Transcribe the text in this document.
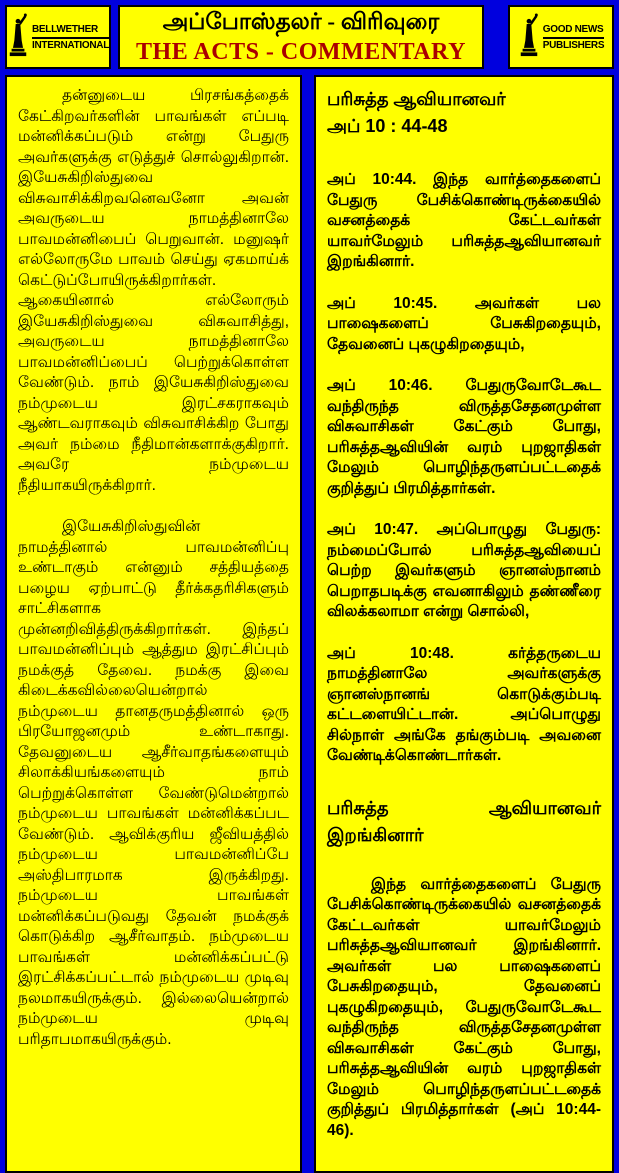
BELLWETHER
INTERNATIONAL
அப்போஸ்தலர் - விரிவுரை
THE ACTS - COMMENTARY
GOOD NEWS
PUBLISHERS

தன்னுடைய பிரசங்கத்தைக் கேட்கிறவர்களின் பாவங்கள் எப்படி மன்னிக்கப்படும் என்று பேதுரு அவர்களுக்கு எடுத்துச் சொல்லுகிறான். இயேசுகிறிஸ்துவை விசுவாசிக்கிறவனெவனோ அவன் அவருடைய நாமத்தினாலே பாவமன்னிபைப் பெறுவான். மனுஷர் எல்லோருமே பாவம் செய்து ஏகமாய்க் கெட்டுப்போயிருக்கிறார்கள். ஆகையினால் எல்லோரும் இயேசுகிறிஸ்துவை விசுவாசித்து, அவருடைய நாமத்தினாலே பாவமன்னிப்பைப் பெற்றுக்கொள்ள வேண்டும். நாம் இயேசுகிறிஸ்துவை நம்முடைய இரட்சகராகவும் ஆண்டவராகவும் விசுவாசிக்கிற போது அவர் நம்மை நீதிமான்களாக்குகிறார். அவரே நம்முடைய நீதியாகயிருக்கிறார்.

இயேசுகிறிஸ்துவின் நாமத்தினால் பாவமன்னிப்பு உண்டாகும் என்னும் சத்தியத்தை பழைய ஏற்பாட்டு தீர்க்கதரிசிகளும் சாட்சிகளாக முன்னறிவித்திருக்கிறார்கள். இந்தப் பாவமன்னிப்பும் ஆத்தும இரட்சிப்பும் நமக்குத் தேவை. நமக்கு இவை கிடைக்கவில்லையென்றால் நம்முடைய தானதருமத்தினால் ஒரு பிரயோஜனமும் உண்டாகாது. தேவனுடைய ஆசீர்வாதங்களையும் சிலாக்கியங்களையும் நாம் பெற்றுக்கொள்ள வேண்டுமென்றால் நம்முடைய பாவங்கள் மன்னிக்கப்பட வேண்டும். ஆவிக்குரிய ஜீவியத்தில் நம்முடைய பாவமன்னிப்பே அஸ்திபாரமாக இருக்கிறது. நம்முடைய பாவங்கள் மன்னிக்கப்படுவது தேவன் நமக்குக் கொடுக்கிற ஆசீர்வாதம். நம்முடைய பாவங்கள் மன்னிக்கப்பட்டு இரட்சிக்கப்பட்டால் நம்முடைய முடிவு நலமாகயிருக்கும். இல்லையென்றால் நம்முடைய முடிவு பரிதாபமாகயிருக்கும்.

பரிசுத்த ஆவியானவர்
அப் 10 : 44-48

அப் 10:44. இந்த வார்த்தைகளைப் பேதுரு பேசிக்கொண்டிருக்கையில் வசனத்தைக் கேட்டவர்கள் யாவர்மேலும் பரிசுத்தஆவியானவர் இறங்கினார்.

அப் 10:45. அவர்கள் பல பாஷைகளைப் பேசுகிறதையும், தேவனைப் புகழுகிறதையும்,

அப் 10:46. பேதுருவோடேகூட வந்திருந்த விருத்தசேதனமுள்ள விசுவாசிகள் கேட்கும் போது, பரிசுத்தஆவியின் வரம் புறஜாதிகள் மேலும் பொழிந்தருளப்பட்டதைக் குறித்துப் பிரமித்தார்கள்.

அப் 10:47. அப்பொழுது பேதுரு: நம்மைப்போல் பரிசுத்தஆவியைப் பெற்ற இவர்களும் ஞானஸ்நானம் பெறாதபடிக்கு எவனாகிலும் தண்ணீரை விலக்கலாமா என்று சொல்லி,

அப் 10:48. கர்த்தருடைய நாமத்தினாலே அவர்களுக்கு ஞானஸ்நானங் கொடுக்கும்படி கட்டளையிட்டான். அப்பொழுது சில்நாள் அங்கே தங்கும்படி அவனை வேண்டிக்கொண்டார்கள்.

பரிசுத்த ஆவியானவர் இறங்கினார்

இந்த வார்த்தைகளைப் பேதுரு பேசிக்கொண்டிருக்கையில் வசனத்தைக் கேட்டவர்கள் யாவர்மேலும் பரிசுத்தஆவியானவர் இறங்கினார். அவர்கள் பல பாஷைகளைப் பேசுகிறதையும், தேவனைப் புகழுகிறதையும், பேதுருவோடேகூட வந்திருந்த விருத்தசேதனமுள்ள விசுவாசிகள் கேட்கும் போது, பரிசுத்தஆவியின் வரம் புறஜாதிகள் மேலும் பொழிந்தருளப்பட்டதைக் குறித்துப் பிரமித்தார்கள் (அப் 10:44-46).
